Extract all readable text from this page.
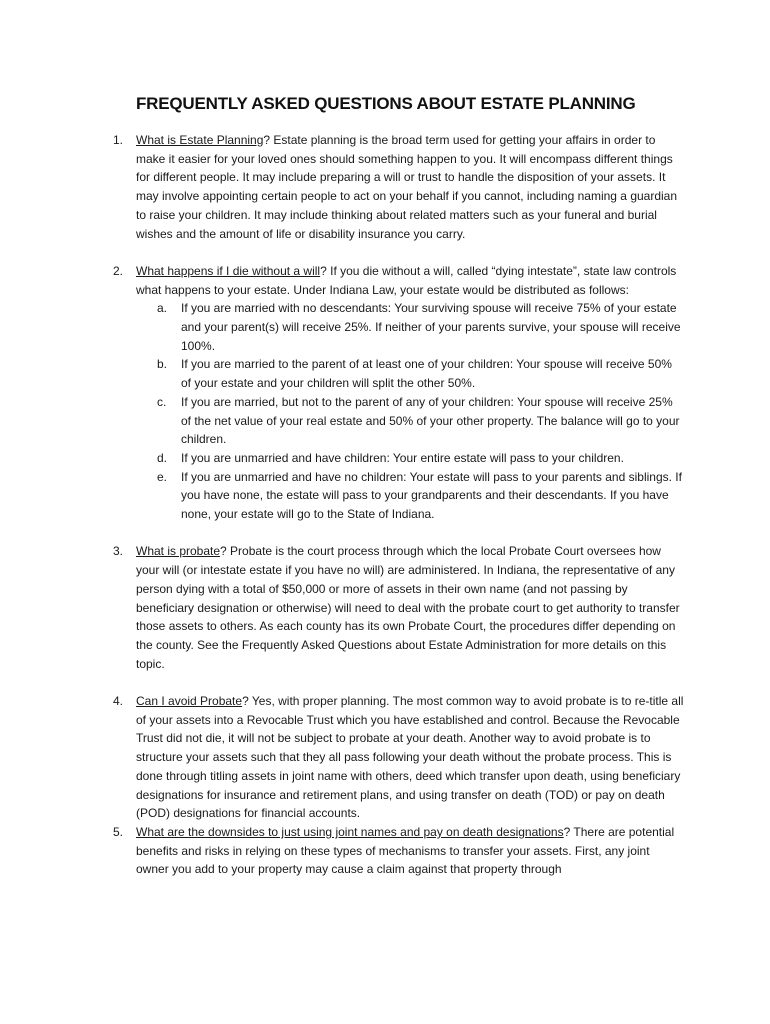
FREQUENTLY ASKED QUESTIONS ABOUT ESTATE PLANNING
1. What is Estate Planning? Estate planning is the broad term used for getting your affairs in order to make it easier for your loved ones should something happen to you. It will encompass different things for different people. It may include preparing a will or trust to handle the disposition of your assets. It may involve appointing certain people to act on your behalf if you cannot, including naming a guardian to raise your children. It may include thinking about related matters such as your funeral and burial wishes and the amount of life or disability insurance you carry.
2. What happens if I die without a will? If you die without a will, called “dying intestate”, state law controls what happens to your estate. Under Indiana Law, your estate would be distributed as follows:
a. If you are married with no descendants: Your surviving spouse will receive 75% of your estate and your parent(s) will receive 25%. If neither of your parents survive, your spouse will receive 100%.
b. If you are married to the parent of at least one of your children: Your spouse will receive 50% of your estate and your children will split the other 50%.
c. If you are married, but not to the parent of any of your children: Your spouse will receive 25% of the net value of your real estate and 50% of your other property. The balance will go to your children.
d. If you are unmarried and have children: Your entire estate will pass to your children.
e. If you are unmarried and have no children: Your estate will pass to your parents and siblings. If you have none, the estate will pass to your grandparents and their descendants. If you have none, your estate will go to the State of Indiana.
3. What is probate? Probate is the court process through which the local Probate Court oversees how your will (or intestate estate if you have no will) are administered. In Indiana, the representative of any person dying with a total of $50,000 or more of assets in their own name (and not passing by beneficiary designation or otherwise) will need to deal with the probate court to get authority to transfer those assets to others. As each county has its own Probate Court, the procedures differ depending on the county. See the Frequently Asked Questions about Estate Administration for more details on this topic.
4. Can I avoid Probate? Yes, with proper planning. The most common way to avoid probate is to re-title all of your assets into a Revocable Trust which you have established and control. Because the Revocable Trust did not die, it will not be subject to probate at your death. Another way to avoid probate is to structure your assets such that they all pass following your death without the probate process. This is done through titling assets in joint name with others, deed which transfer upon death, using beneficiary designations for insurance and retirement plans, and using transfer on death (TOD) or pay on death (POD) designations for financial accounts.
5. What are the downsides to just using joint names and pay on death designations? There are potential benefits and risks in relying on these types of mechanisms to transfer your assets. First, any joint owner you add to your property may cause a claim against that property through
